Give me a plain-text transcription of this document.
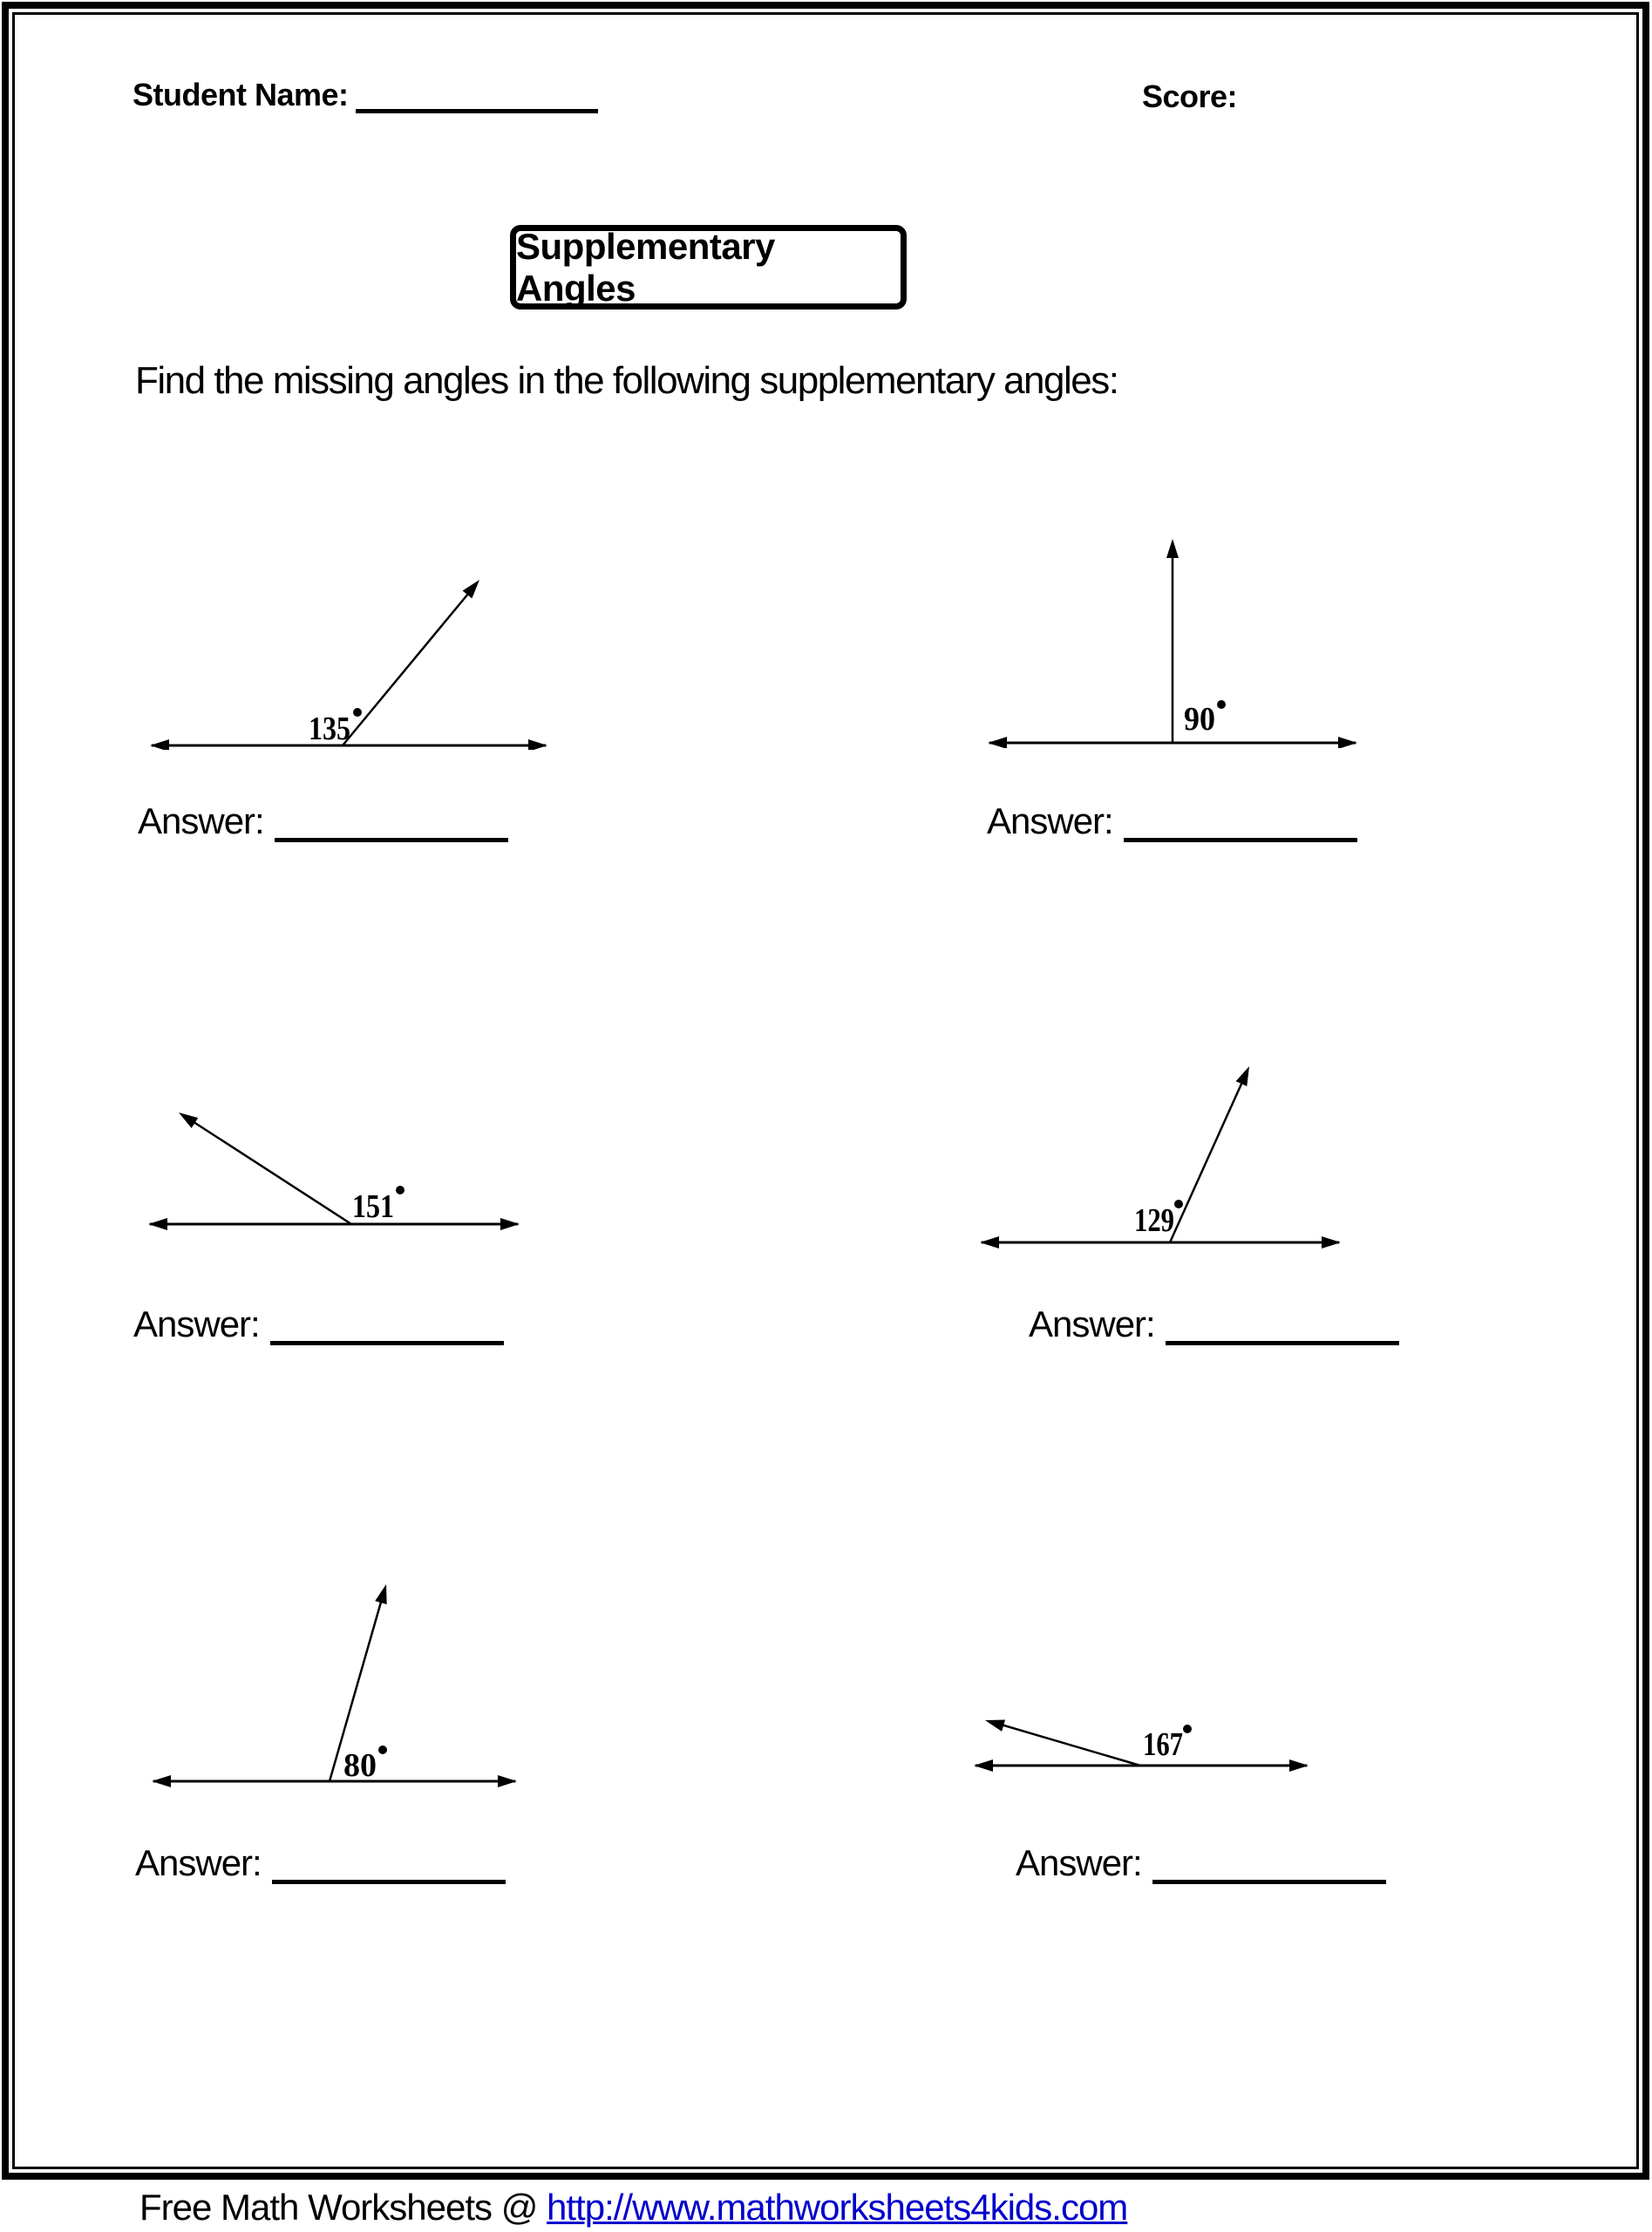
Student Name:	Score:
Supplementary Angles
Find the missing angles in the following supplementary angles:
135	90
151	129
80
167
Answer:	Answer:
Answer:	Answer:
Answer:	Answer:
Free Math Worksheets @ http://www.mathworksheets4kids.com
